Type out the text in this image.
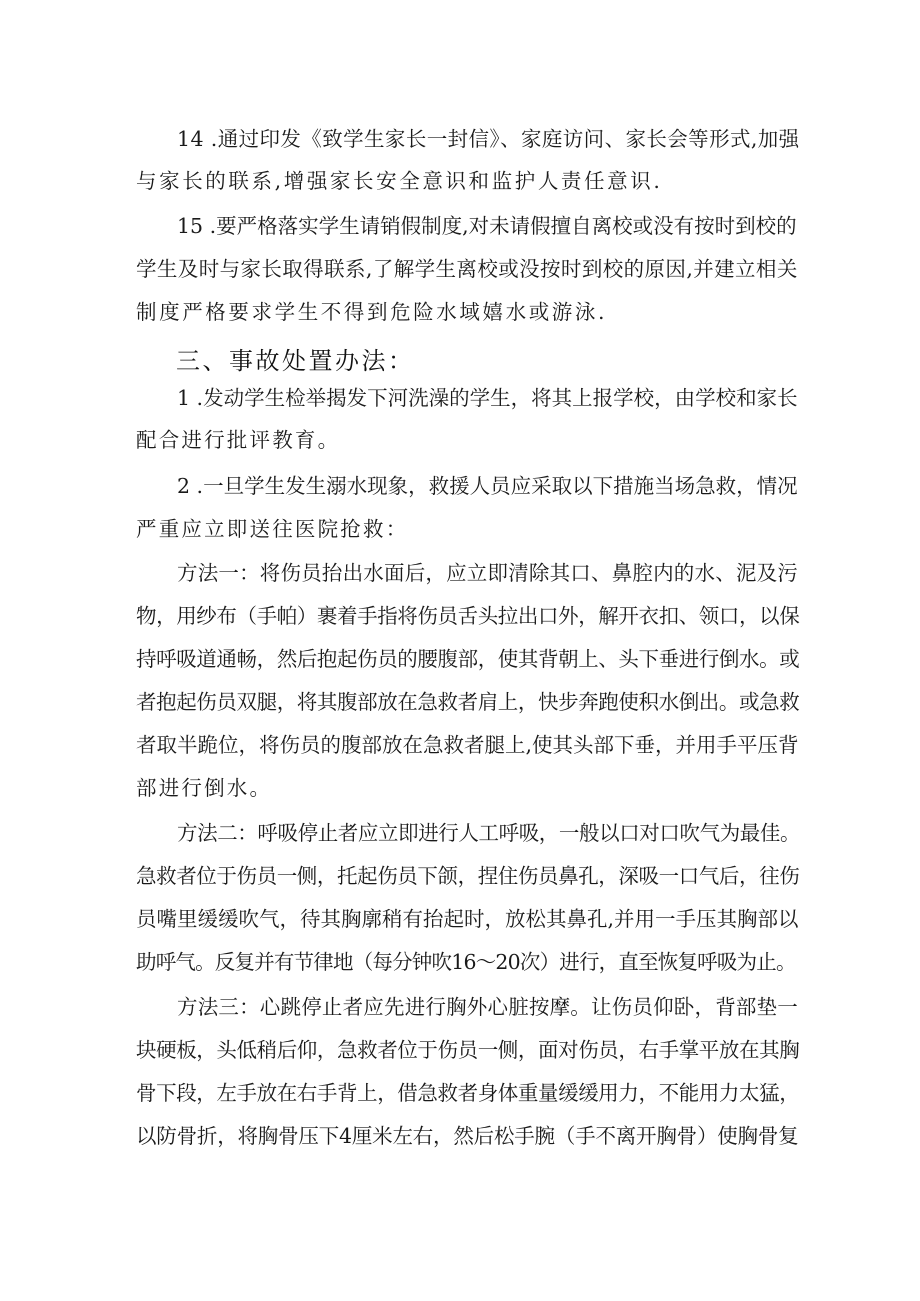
14 .通过印发《致学生家长一封信》、家庭访问、家长会等形式,加强
与家长的联系,增强家长安全意识和监护人责任意识.
15 .要严格落实学生请销假制度,对未请假擅自离校或没有按时到校的
学生及时与家长取得联系,了解学生离校或没按时到校的原因,并建立相关
制度严格要求学生不得到危险水域嬉水或游泳.
三、事故处置办法：
1 .发动学生检举揭发下河洗澡的学生，将其上报学校，由学校和家长
配合进行批评教育。
2 .一旦学生发生溺水现象，救援人员应采取以下措施当场急救，情况
严重应立即送往医院抢救：
方法一：将伤员抬出水面后，应立即清除其口、鼻腔内的水、泥及污
物，用纱布（手帕）裹着手指将伤员舌头拉出口外，解开衣扣、领口，以保
持呼吸道通畅，然后抱起伤员的腰腹部，使其背朝上、头下垂进行倒水。或
者抱起伤员双腿，将其腹部放在急救者肩上，快步奔跑使积水倒出。或急救
者取半跪位，将伤员的腹部放在急救者腿上,使其头部下垂，并用手平压背
部进行倒水。
方法二：呼吸停止者应立即进行人工呼吸，一般以口对口吹气为最佳。
急救者位于伤员一侧，托起伤员下颌，捏住伤员鼻孔，深吸一口气后，往伤
员嘴里缓缓吹气，待其胸廓稍有抬起时，放松其鼻孔,并用一手压其胸部以
助呼气。反复并有节律地（每分钟吹16～20次）进行，直至恢复呼吸为止。
方法三：心跳停止者应先进行胸外心脏按摩。让伤员仰卧，背部垫一
块硬板，头低稍后仰，急救者位于伤员一侧，面对伤员，右手掌平放在其胸
骨下段，左手放在右手背上，借急救者身体重量缓缓用力，不能用力太猛，
以防骨折，将胸骨压下4厘米左右，然后松手腕（手不离开胸骨）使胸骨复
